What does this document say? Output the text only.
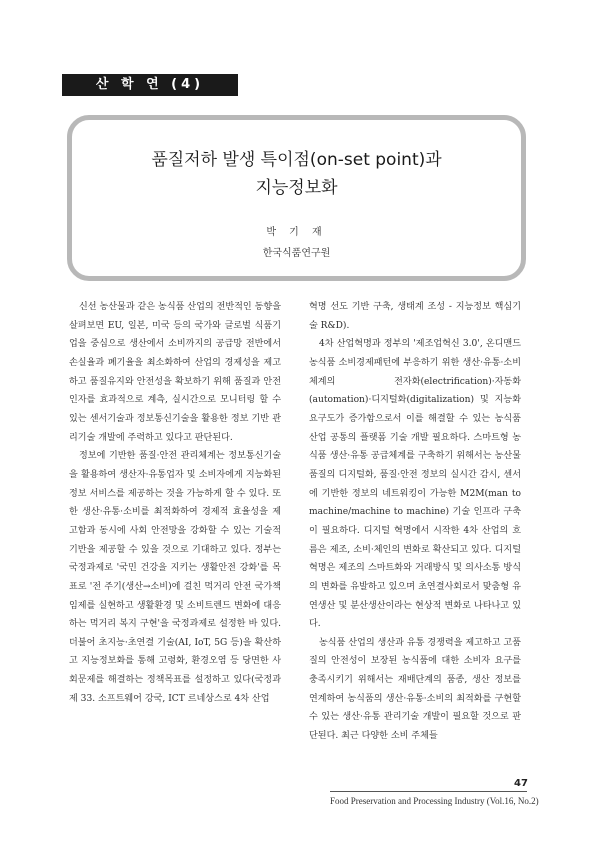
산 학 연 (4)
품질저하 발생 특이점(on-set point)과
지능정보화
박 기 재
한국식품연구원

신선 농산물과 같은 농식품 산업의 전반적인 동향을 살펴보면 EU, 일본, 미국 등의 국가와 글로벌 식품기업을 중심으로 생산에서 소비까지의 공급망 전반에서 손실율과 폐기율을 최소화하여 산업의 경제성을 제고하고 품질유지와 안전성을 확보하기 위해 품질과 안전인자를 효과적으로 계측, 실시간으로 모니터링 할 수 있는 센서기술과 정보통신기술을 활용한 정보 기반 관리기술 개발에 주력하고 있다고 판단된다.

정보에 기반한 품질·안전 관리체계는 정보통신기술을 활용하여 생산자·유통업자 및 소비자에게 지능화된 정보 서비스를 제공하는 것을 가능하게 할 수 있다. 또한 생산·유통·소비를 최적화하여 경제적 효율성을 제고함과 동시에 사회 안전망을 강화할 수 있는 기술적 기반을 제공할 수 있을 것으로 기대하고 있다. 정부는 국정과제로 '국민 건강을 지키는 생활안전 강화'를 목표로 '전 주기(생산→소비)에 걸친 먹거리 안전 국가책임제를 실현하고 생활환경 및 소비트렌드 변화에 대응하는 먹거리 복지 구현'을 국정과제로 설정한 바 있다. 더불어 초지능·초연결 기술(AI, IoT, 5G 등)을 확산하고 지능정보화를 통해 고령화, 환경오염 등 당면한 사회문제를 해결하는 정책목표를 설정하고 있다(국정과제 33. 소프트웨어 강국, ICT 르네상스로 4차 산업

혁명 선도 기반 구축, 생태계 조성 - 지능정보 핵심기술 R&D).

4차 산업혁명과 정부의 '제조업혁신 3.0', 온디맨드 농식품 소비경제패턴에 부응하기 위한 생산·유통·소비체계의 전자화(electrification)·자동화(automation)·디지털화(digitalization) 및 지능화 요구도가 증가함으로서 이를 해결할 수 있는 농식품 산업 공통의 플랫폼 기술 개발 필요하다. 스마트형 농식품 생산·유통 공급체계를 구축하기 위해서는 농산물 품질의 디지털화, 품질·안전 정보의 실시간 감시, 센서에 기반한 정보의 네트워킹이 가능한 M2M(man to machine/machine to machine) 기술 인프라 구축이 필요하다. 디지털 혁명에서 시작한 4차 산업의 흐름은 제조, 소비·체인의 변화로 확산되고 있다. 디지털 혁명은 제조의 스마트화와 거래방식 및 의사소통 방식의 변화를 유발하고 있으며 초연결사회로서 맞춤형 유연생산 및 분산생산이라는 현상적 변화로 나타나고 있다.

농식품 산업의 생산과 유통 경쟁력을 제고하고 고품질의 안전성이 보장된 농식품에 대한 소비자 요구를 충족시키기 위해서는 재배단계의 품종, 생산 정보를 연계하여 농식품의 생산·유통·소비의 최적화를 구현할 수 있는 생산·유통 관리기술 개발이 필요할 것으로 판단된다. 최근 다양한 소비 주체들

47
Food Preservation and Processing Industry (Vol.16, No.2)
